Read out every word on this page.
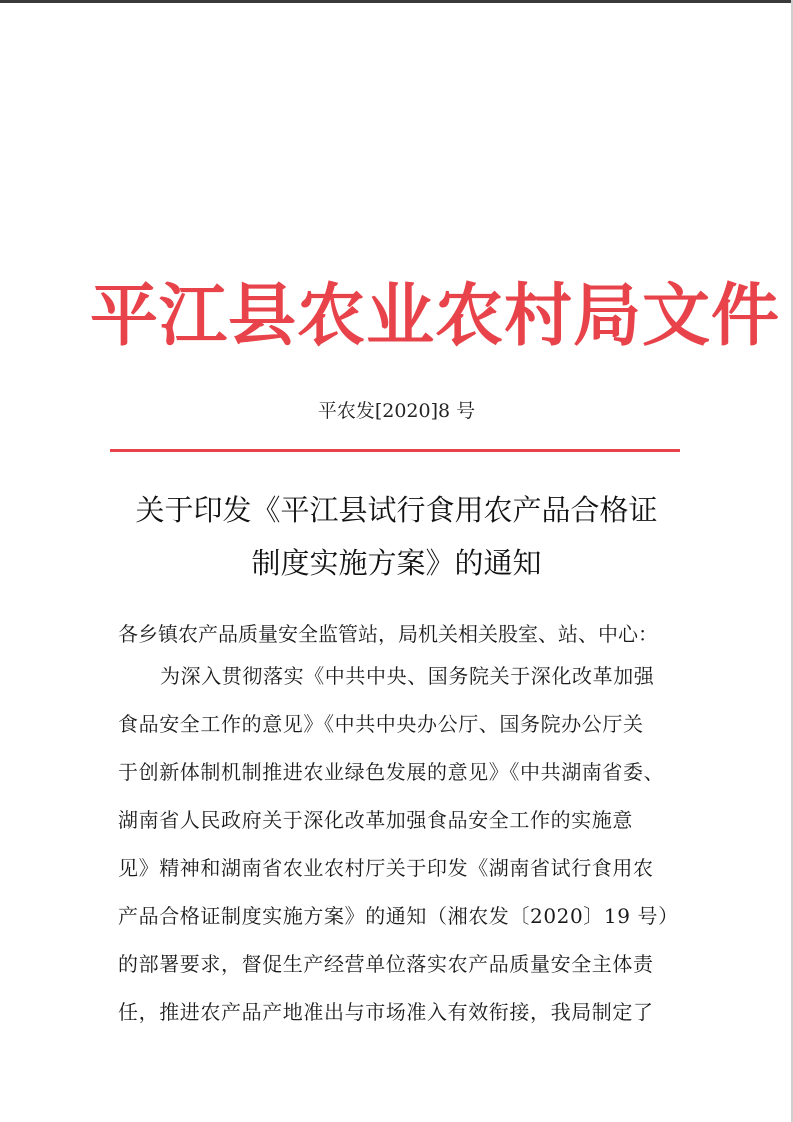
平江县农业农村局文件
平农发[2020]8 号
关于印发《平江县试行食用农产品合格证
制度实施方案》的通知
各乡镇农产品质量安全监管站，局机关相关股室、站、中心：
为深入贯彻落实《中共中央、国务院关于深化改革加强
食品安全工作的意见》《中共中央办公厅、国务院办公厅关
于创新体制机制推进农业绿色发展的意见》《中共湖南省委、
湖南省人民政府关于深化改革加强食品安全工作的实施意
见》精神和湖南省农业农村厅关于印发《湖南省试行食用农
产品合格证制度实施方案》的通知（湘农发〔2020〕19 号）
的部署要求，督促生产经营单位落实农产品质量安全主体责
任，推进农产品产地准出与市场准入有效衔接，我局制定了
